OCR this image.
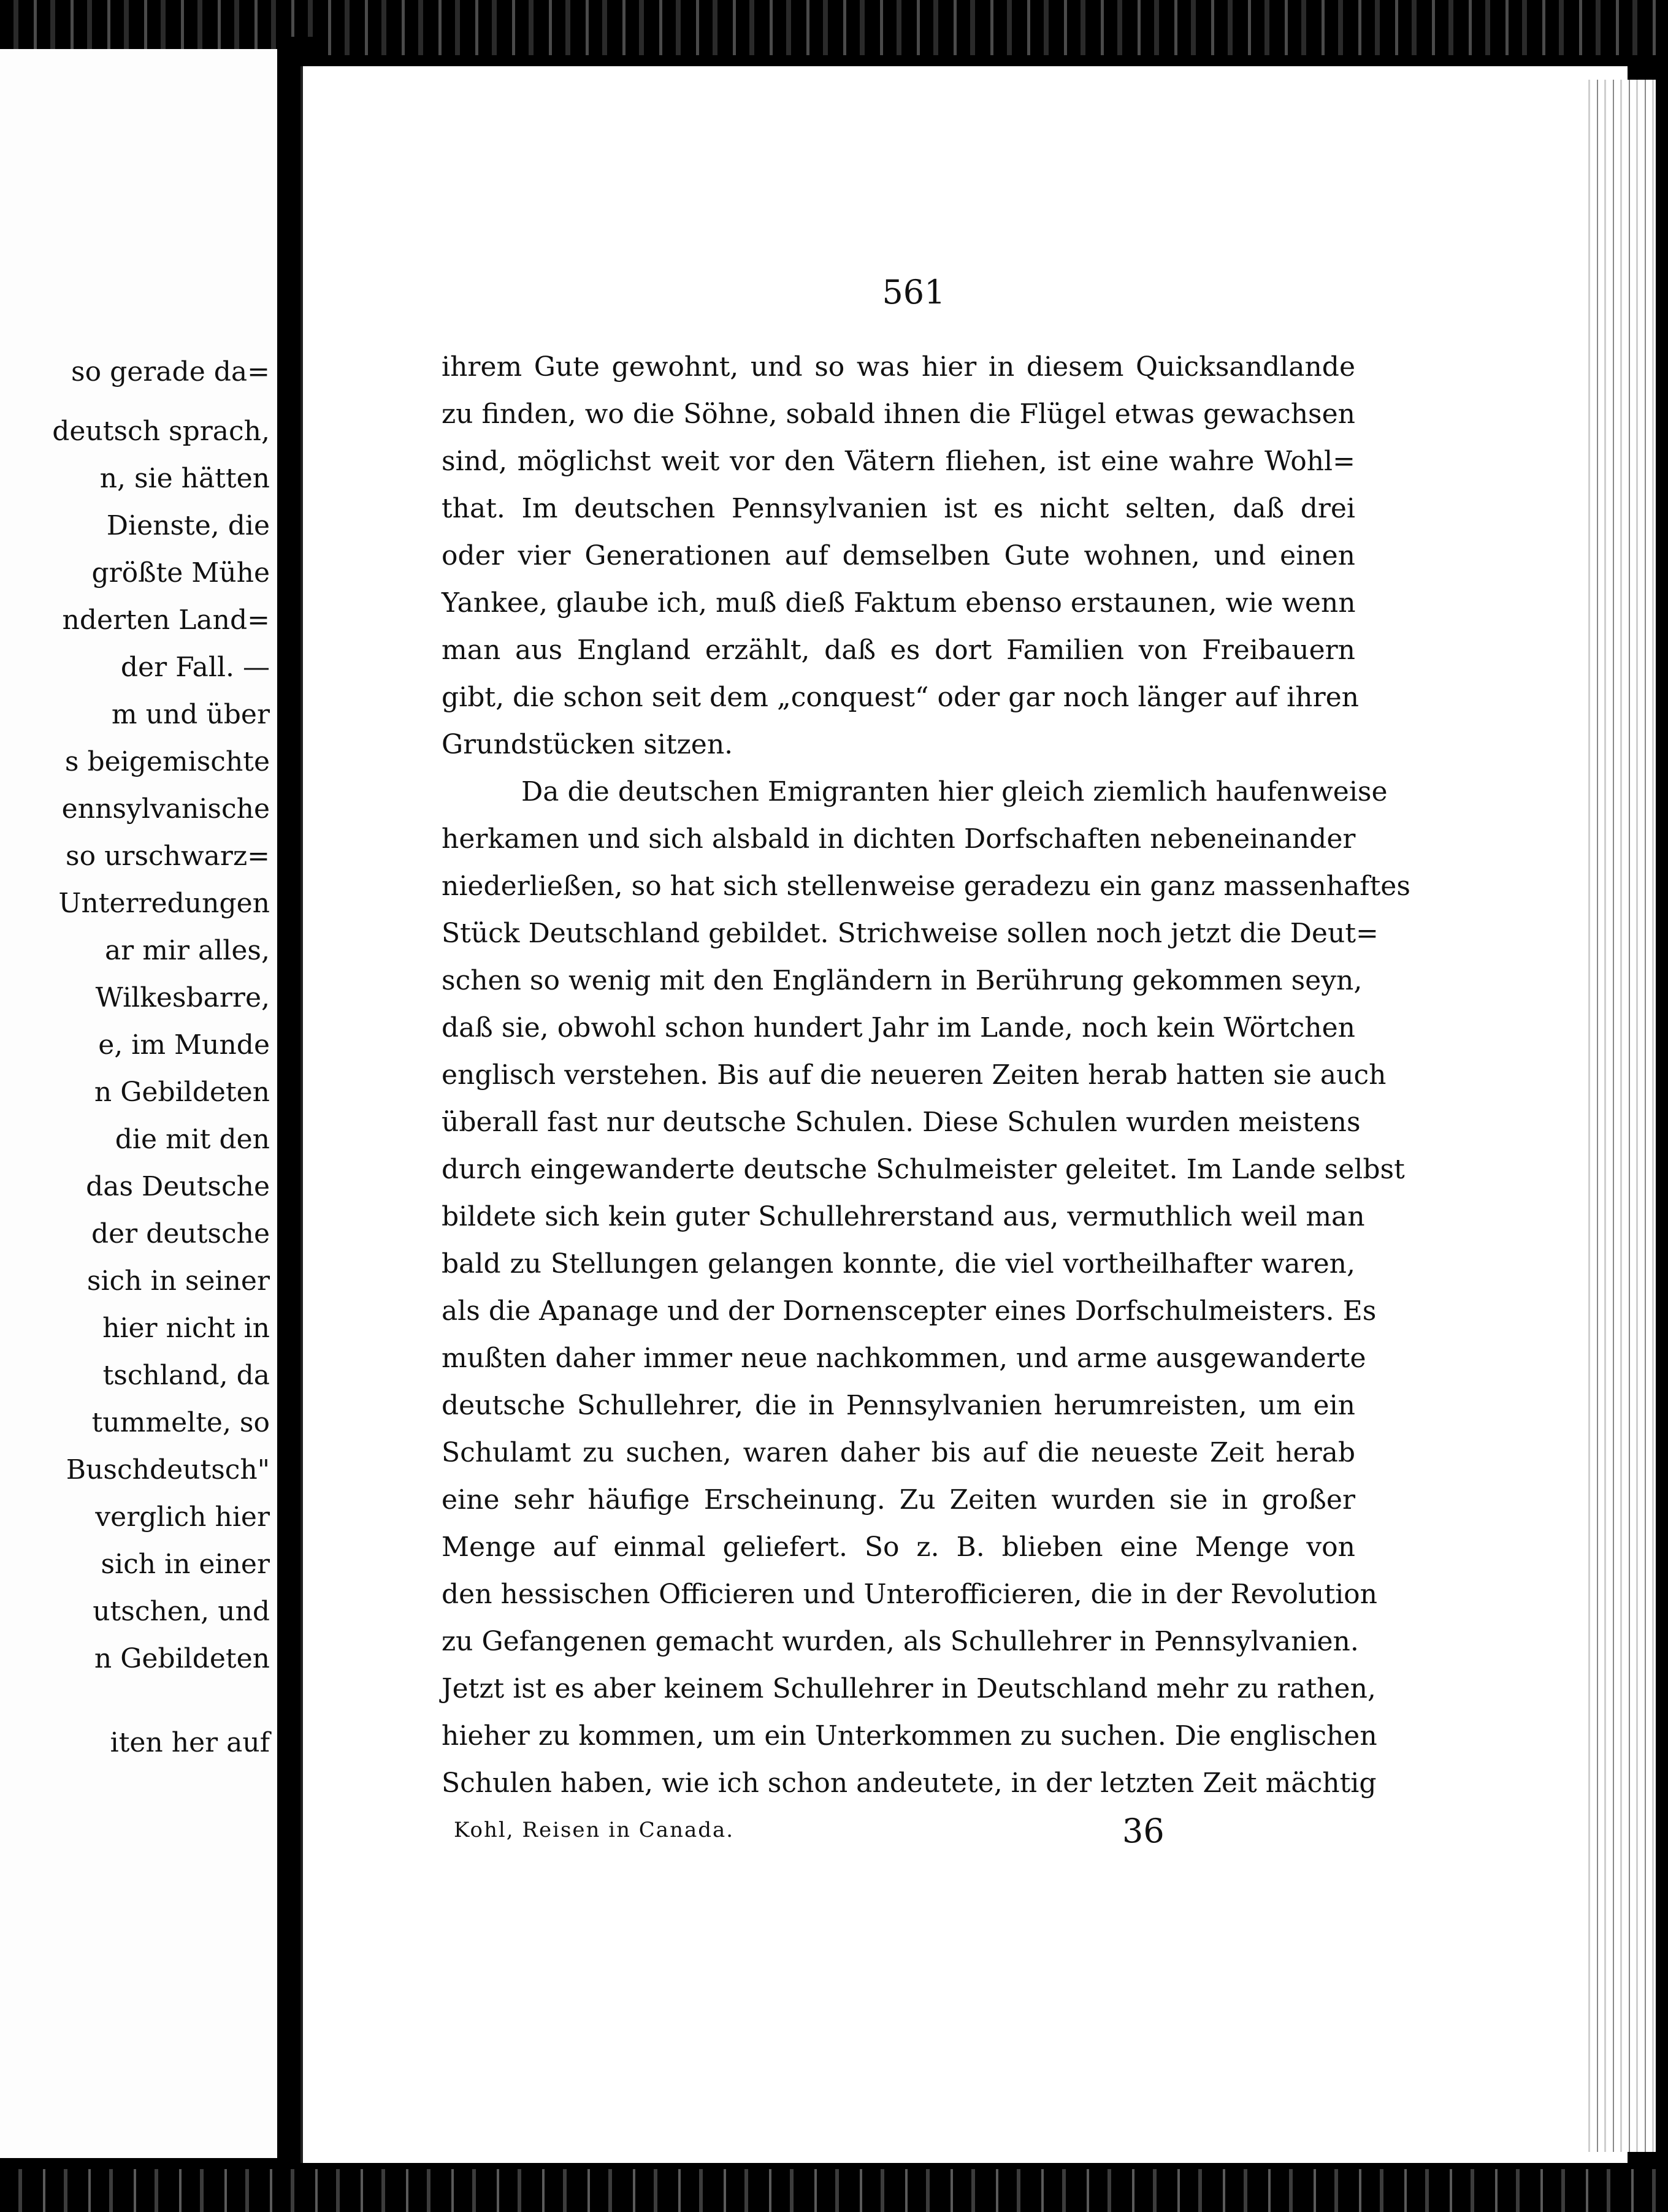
so gerade da=
deutsch sprach,
n, sie hätten
Dienste, die
größte Mühe
nderten Land=
der Fall. —
m und über
s beigemischte
ennsylvanische
so urschwarz=
Unterredungen
ar mir alles,
Wilkesbarre,
e, im Munde
n Gebildeten
die mit den
das Deutsche
der deutsche
sich in seiner
hier nicht in
tschland, da
tummelte, so
Buschdeutsch"
verglich hier
sich in einer
utschen, und
n Gebildeten
iten her auf
561
ihrem Gute gewohnt, und so was hier in diesem Quicksandlande
zu finden, wo die Söhne, sobald ihnen die Flügel etwas gewachsen
sind, möglichst weit vor den Vätern fliehen, ist eine wahre Wohl=
that. Im deutschen Pennsylvanien ist es nicht selten, daß drei
oder vier Generationen auf demselben Gute wohnen, und einen
Yankee, glaube ich, muß dieß Faktum ebenso erstaunen, wie wenn
man aus England erzählt, daß es dort Familien von Freibauern
gibt, die schon seit dem „conquest“ oder gar noch länger auf ihren
Grundstücken sitzen.
Da die deutschen Emigranten hier gleich ziemlich haufenweise
herkamen und sich alsbald in dichten Dorfschaften nebeneinander
niederließen, so hat sich stellenweise geradezu ein ganz massenhaftes
Stück Deutschland gebildet. Strichweise sollen noch jetzt die Deut=
schen so wenig mit den Engländern in Berührung gekommen seyn,
daß sie, obwohl schon hundert Jahr im Lande, noch kein Wörtchen
englisch verstehen. Bis auf die neueren Zeiten herab hatten sie auch
überall fast nur deutsche Schulen. Diese Schulen wurden meistens
durch eingewanderte deutsche Schulmeister geleitet. Im Lande selbst
bildete sich kein guter Schullehrerstand aus, vermuthlich weil man
bald zu Stellungen gelangen konnte, die viel vortheilhafter waren,
als die Apanage und der Dornenscepter eines Dorfschulmeisters. Es
mußten daher immer neue nachkommen, und arme ausgewanderte
deutsche Schullehrer, die in Pennsylvanien herumreisten, um ein
Schulamt zu suchen, waren daher bis auf die neueste Zeit herab
eine sehr häufige Erscheinung. Zu Zeiten wurden sie in großer
Menge auf einmal geliefert. So z. B. blieben eine Menge von
den hessischen Officieren und Unterofficieren, die in der Revolution
zu Gefangenen gemacht wurden, als Schullehrer in Pennsylvanien.
Jetzt ist es aber keinem Schullehrer in Deutschland mehr zu rathen,
hieher zu kommen, um ein Unterkommen zu suchen. Die englischen
Schulen haben, wie ich schon andeutete, in der letzten Zeit mächtig
Kohl, Reisen in Canada.	36
